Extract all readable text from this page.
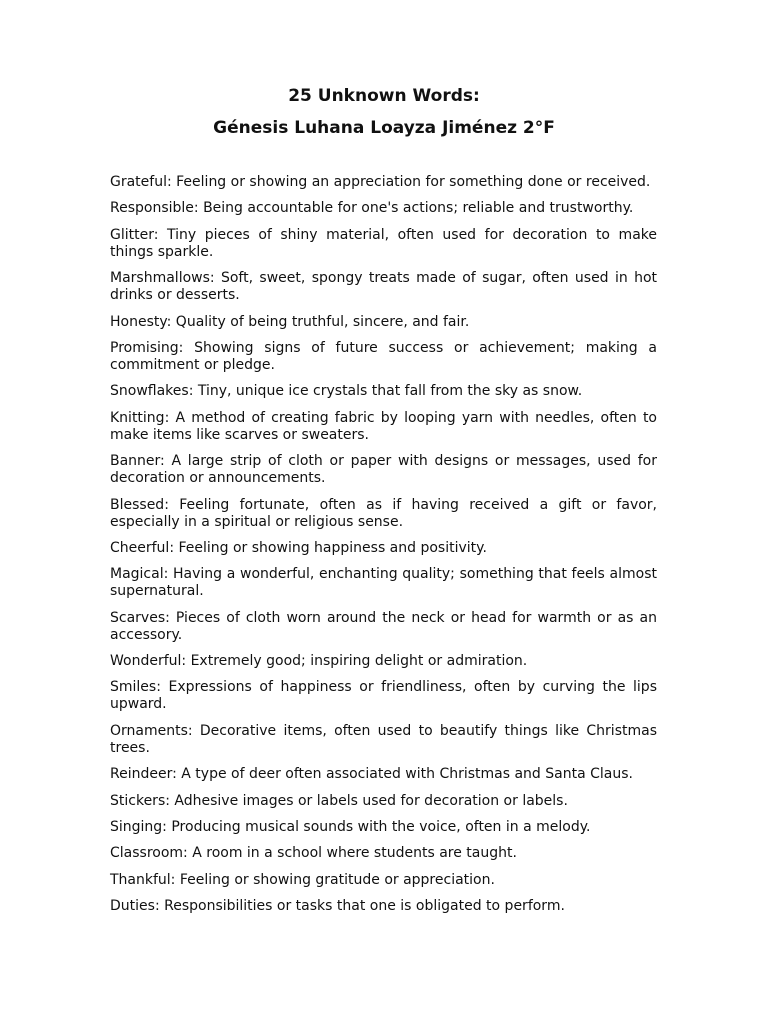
25 Unknown Words:
Génesis Luhana Loayza Jiménez 2°F
Grateful: Feeling or showing an appreciation for something done or received.
Responsible: Being accountable for one's actions; reliable and trustworthy.
Glitter: Tiny pieces of shiny material, often used for decoration to make things sparkle.
Marshmallows: Soft, sweet, spongy treats made of sugar, often used in hot drinks or desserts.
Honesty: Quality of being truthful, sincere, and fair.
Promising: Showing signs of future success or achievement; making a commitment or pledge.
Snowflakes: Tiny, unique ice crystals that fall from the sky as snow.
Knitting: A method of creating fabric by looping yarn with needles, often to make items like scarves or sweaters.
Banner: A large strip of cloth or paper with designs or messages, used for decoration or announcements.
Blessed: Feeling fortunate, often as if having received a gift or favor, especially in a spiritual or religious sense.
Cheerful: Feeling or showing happiness and positivity.
Magical: Having a wonderful, enchanting quality; something that feels almost supernatural.
Scarves: Pieces of cloth worn around the neck or head for warmth or as an accessory.
Wonderful: Extremely good; inspiring delight or admiration.
Smiles: Expressions of happiness or friendliness, often by curving the lips upward.
Ornaments: Decorative items, often used to beautify things like Christmas trees.
Reindeer: A type of deer often associated with Christmas and Santa Claus.
Stickers: Adhesive images or labels used for decoration or labels.
Singing: Producing musical sounds with the voice, often in a melody.
Classroom: A room in a school where students are taught.
Thankful: Feeling or showing gratitude or appreciation.
Duties: Responsibilities or tasks that one is obligated to perform.
